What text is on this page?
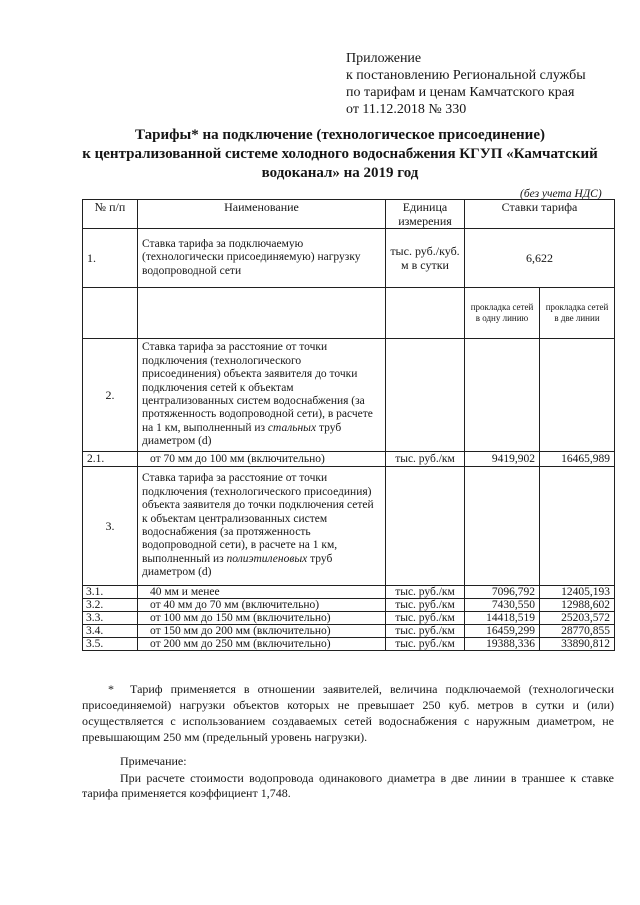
Приложение
к постановлению Региональной службы
по тарифам и ценам Камчатского края
от 11.12.2018 № 330
Тарифы* на подключение (технологическое присоединение)
к централизованной системе холодного водоснабжения КГУП «Камчатский
водоканал» на 2019 год
(без учета НДС)
№ п/п	Наименование	Единица измерения	Ставки тарифа	
1.	Ставка тарифа за подключаемую (технологически присоединяемую) нагрузку водопроводной сети	тыс. руб./куб. м в сутки	6,622	
			прокладка сетей в одну линию	прокладка сетей в две линии
2.	Ставка тарифа за расстояние от точки подключения (технологического присоединения) объекта заявителя до точки подключения сетей к объектам централизованных систем водоснабжения (за протяженность водопроводной сети), в расчете на 1 км, выполненный из стальных труб диаметром (d)			
2.1.	от 70 мм до 100 мм (включительно)	тыс. руб./км	9419,902	16465,989
3.	Ставка тарифа за расстояние от точки подключения (технологического присоединия) объекта заявителя до точки подключения сетей к объектам централизованных систем водоснабжения (за протяженность водопроводной сети), в расчете на 1 км, выполненный из полиэтиленовых труб диаметром (d)			
3.1.	40 мм и менее	тыс. руб./км	7096,792	12405,193
3.2.	от 40 мм до 70 мм (включительно)	тыс. руб./км	7430,550	12988,602
3.3.	от 100 мм до 150 мм (включительно)	тыс. руб./км	14418,519	25203,572
3.4.	от 150 мм до 200 мм (включительно)	тыс. руб./км	16459,299	28770,855
3.5.	от 200 мм до 250 мм (включительно)	тыс. руб./км	19388,336	33890,812
* Тариф применяется в отношении заявителей, величина подключаемой (технологически присоединяемой) нагрузки объектов которых не превышает 250 куб. метров в сутки и (или) осуществляется с использованием создаваемых сетей водоснабжения с наружным диаметром, не превышающим 250 мм (предельный уровень нагрузки).
Примечание:
При расчете стоимости водопровода одинакового диаметра в две линии в траншее к ставке тарифа применяется коэффициент 1,748.
